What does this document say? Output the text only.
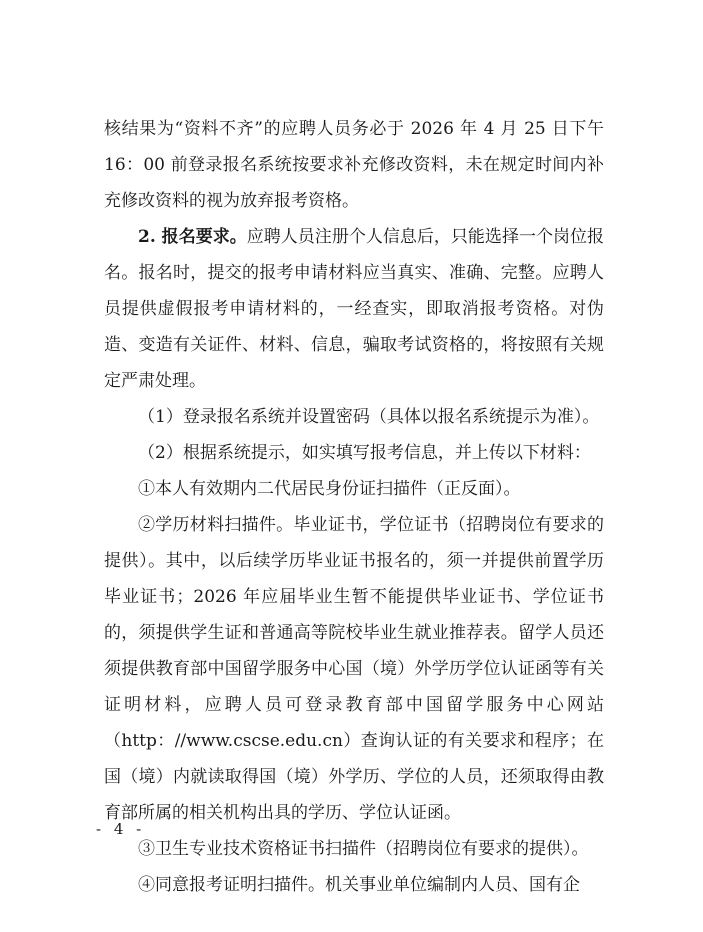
核结果为“资料不齐”的应聘人员务必于 2026 年 4 月 25 日下午 16：00 前登录报名系统按要求补充修改资料，未在规定时间内补充修改资料的视为放弃报考资格。

2. 报名要求。应聘人员注册个人信息后，只能选择一个岗位报名。报名时，提交的报考申请材料应当真实、准确、完整。应聘人员提供虚假报考申请材料的，一经查实，即取消报考资格。对伪造、变造有关证件、材料、信息，骗取考试资格的，将按照有关规定严肃处理。

（1）登录报名系统并设置密码（具体以报名系统提示为准）。

（2）根据系统提示，如实填写报考信息，并上传以下材料：

①本人有效期内二代居民身份证扫描件（正反面）。

②学历材料扫描件。毕业证书，学位证书（招聘岗位有要求的提供）。其中，以后续学历毕业证书报名的，须一并提供前置学历毕业证书；2026 年应届毕业生暂不能提供毕业证书、学位证书的，须提供学生证和普通高等院校毕业生就业推荐表。留学人员还须提供教育部中国留学服务中心国（境）外学历学位认证函等有关证明材料，应聘人员可登录教育部中国留学服务中心网站（http：//www.cscse.edu.cn）查询认证的有关要求和程序；在国（境）内就读取得国（境）外学历、学位的人员，还须取得由教育部所属的相关机构出具的学历、学位认证函。

③卫生专业技术资格证书扫描件（招聘岗位有要求的提供）。

④同意报考证明扫描件。机关事业单位编制内人员、国有企

- 4 -
